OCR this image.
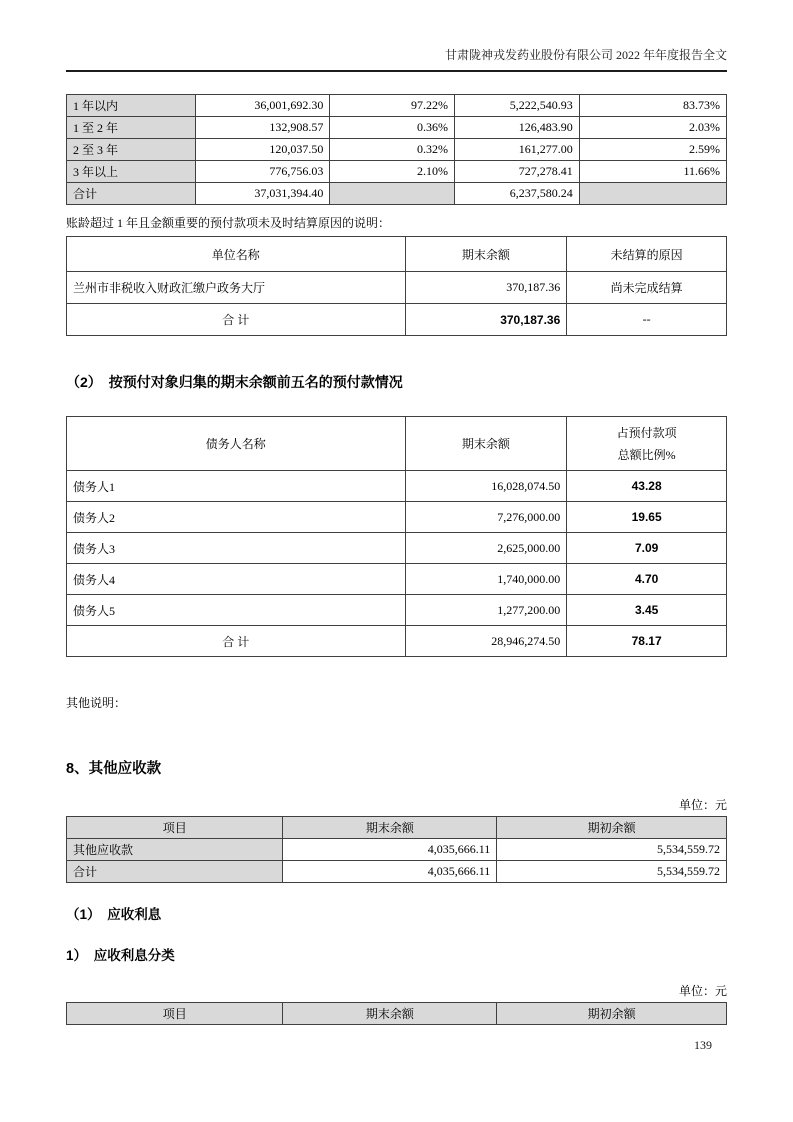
甘肃陇神戎发药业股份有限公司 2022 年年度报告全文
1 年以内	36,001,692.30	97.22%	5,222,540.93	83.73%
1 至 2 年	132,908.57	0.36%	126,483.90	2.03%
2 至 3 年	120,037.50	0.32%	161,277.00	2.59%
3 年以上	776,756.03	2.10%	727,278.41	11.66%
合计	37,031,394.40		6,237,580.24	
账龄超过 1 年且金额重要的预付款项未及时结算原因的说明：
单位名称	期末余额	未结算的原因
兰州市非税收入财政汇缴户政务大厅	370,187.36	尚未完成结算
合 计	370,187.36	--
（2）　按预付对象归集的期末余额前五名的预付款情况
债务人名称	期末余额	占预付款项
总额比例%

债务人1	16,028,074.50	43.28
债务人2	7,276,000.00	19.65
债务人3	2,625,000.00	7.09
债务人4	1,740,000.00	4.70
债务人5	1,277,200.00	3.45
合 计	28,946,274.50	78.17
其他说明：
8、其他应收款
单位：元
项目	期末余额	期初余额
其他应收款	4,035,666.11	5,534,559.72
合计	4,035,666.11	5,534,559.72
（1）　应收利息
1）　应收利息分类
单位：元
项目	期末余额	期初余额
139
